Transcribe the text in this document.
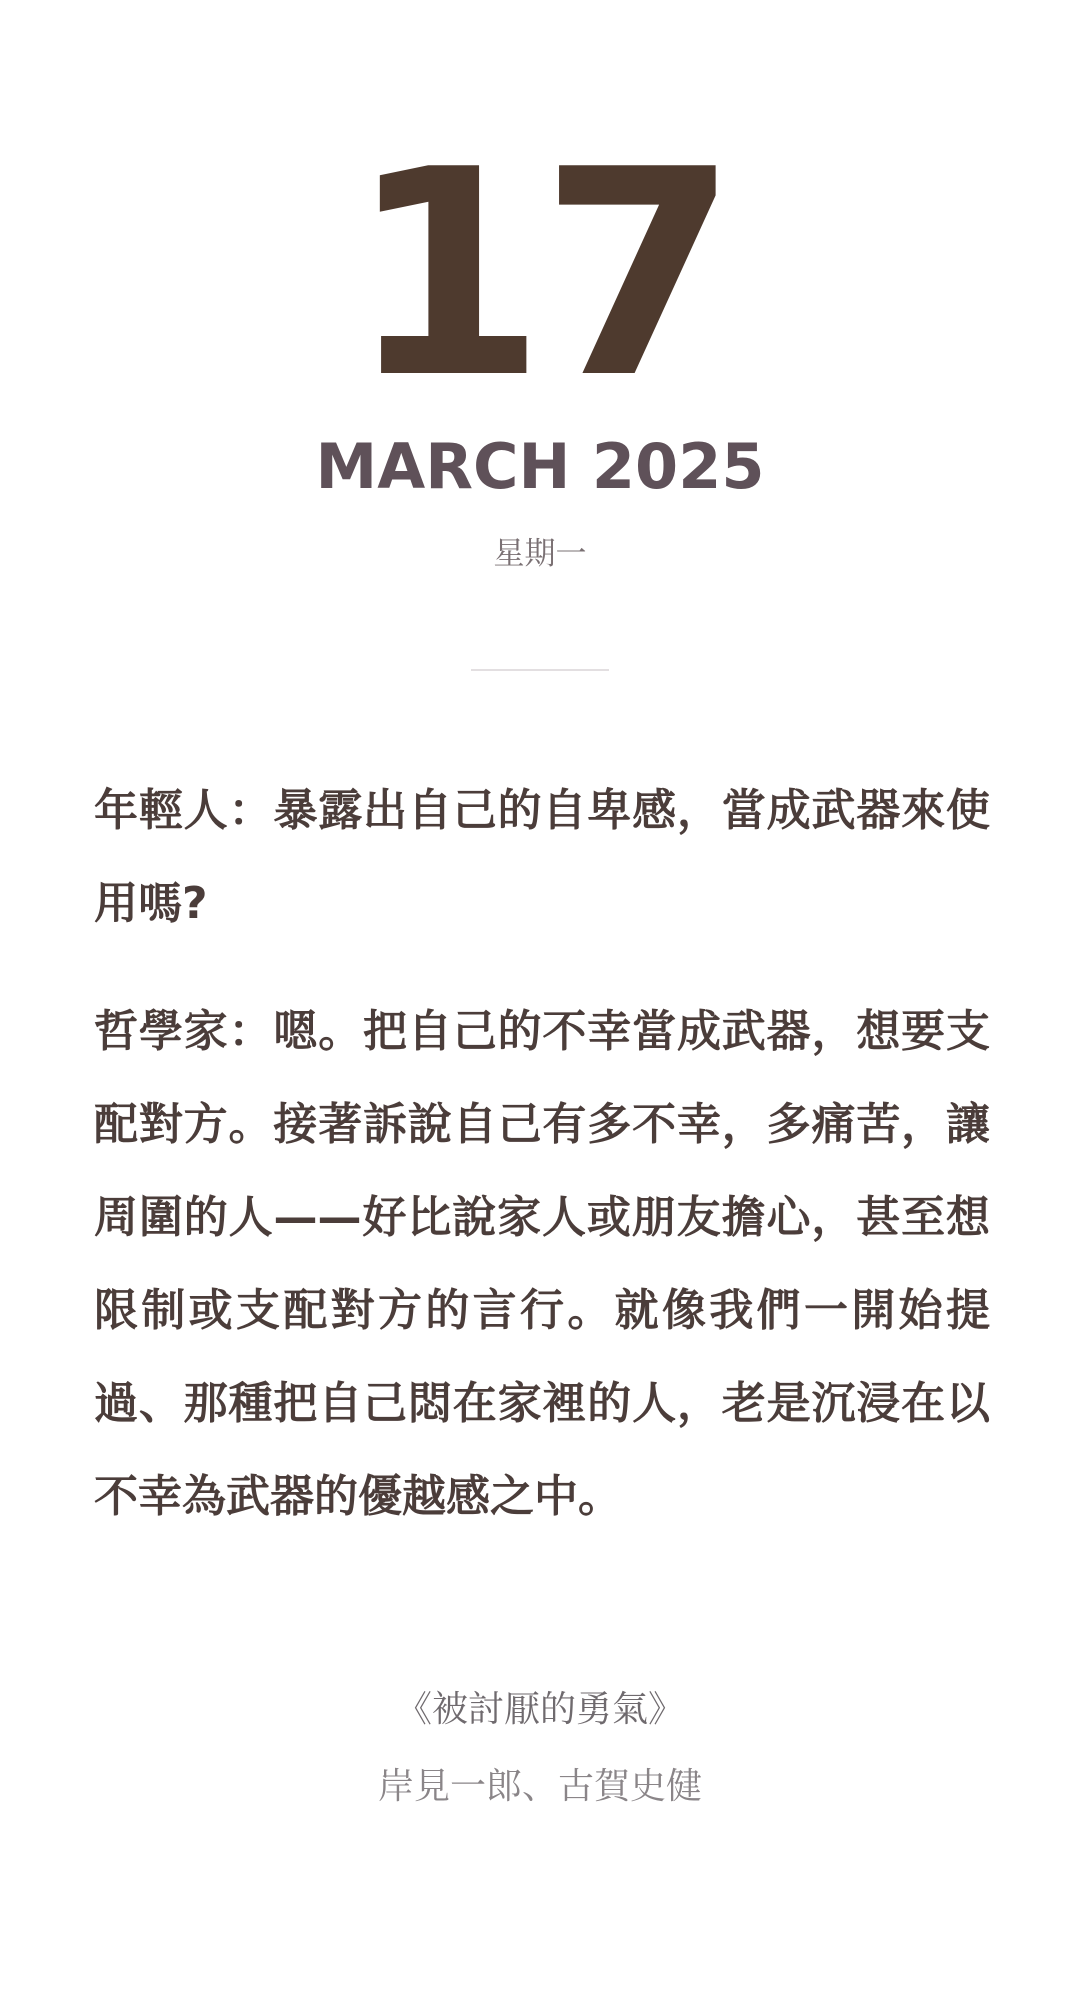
17
MARCH 2025
星期一

年輕人：暴露出自己的自卑感，當成武器來使用嗎?

哲學家：嗯。把自己的不幸當成武器，想要支配對方。接著訴說自己有多不幸，多痛苦，讓周圍的人——好比說家人或朋友擔心，甚至想限制或支配對方的言行。就像我們一開始提過、那種把自己悶在家裡的人，老是沉浸在以不幸為武器的優越感之中。

《被討厭的勇氣》
岸見一郎、古賀史健
